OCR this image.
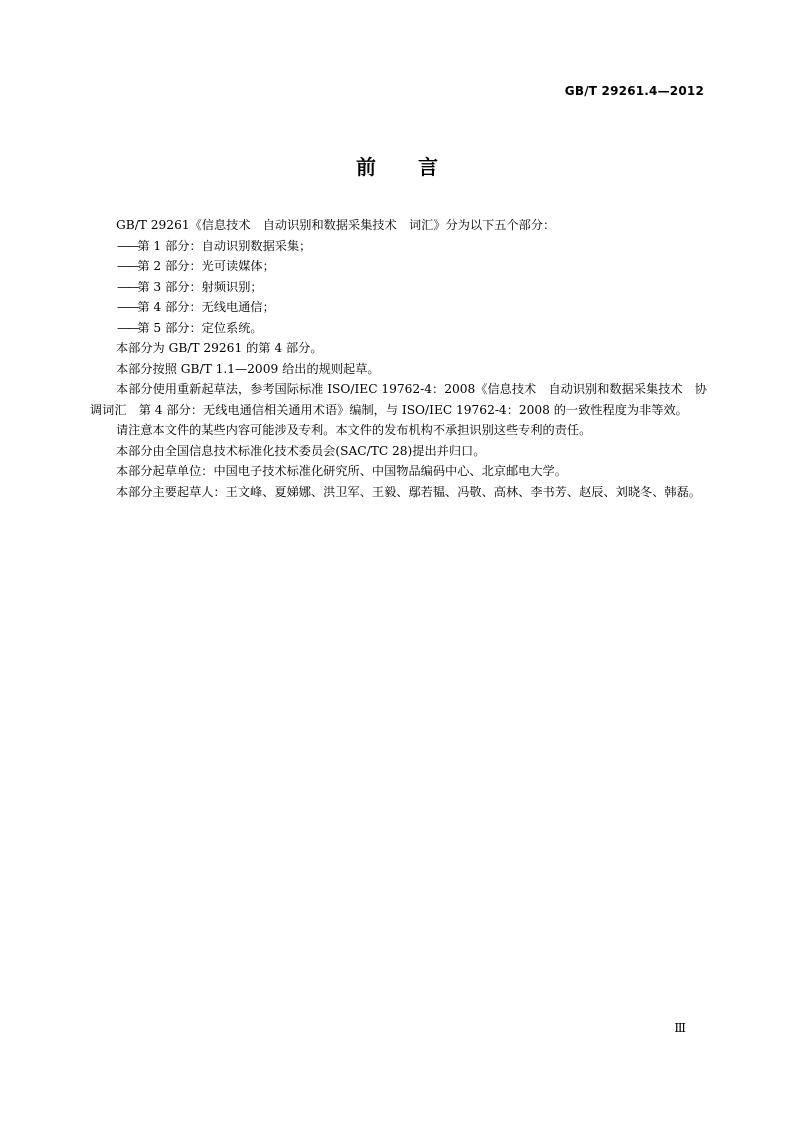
GB/T 29261.4—2012
前 言

GB/T 29261《信息技术　自动识别和数据采集技术　词汇》分为以下五个部分：

——第 1 部分：自动识别数据采集；

——第 2 部分：光可读媒体；

——第 3 部分：射频识别；

——第 4 部分：无线电通信；

——第 5 部分：定位系统。

本部分为 GB/T 29261 的第 4 部分。

本部分按照 GB/T 1.1—2009 给出的规则起草。

本部分使用重新起草法，参考国际标准 ISO/IEC 19762-4：2008《信息技术　自动识别和数据采集技术　协调词汇　第 4 部分：无线电通信相关通用术语》编制，与 ISO/IEC 19762-4：2008 的一致性程度为非等效。

请注意本文件的某些内容可能涉及专利。本文件的发布机构不承担识别这些专利的责任。

本部分由全国信息技术标准化技术委员会(SAC/TC 28)提出并归口。

本部分起草单位：中国电子技术标准化研究所、中国物品编码中心、北京邮电大学。

本部分主要起草人：王文峰、夏娣娜、洪卫军、王毅、鄢若韫、冯敬、高林、李书芳、赵辰、刘晓冬、韩磊。

Ⅲ
